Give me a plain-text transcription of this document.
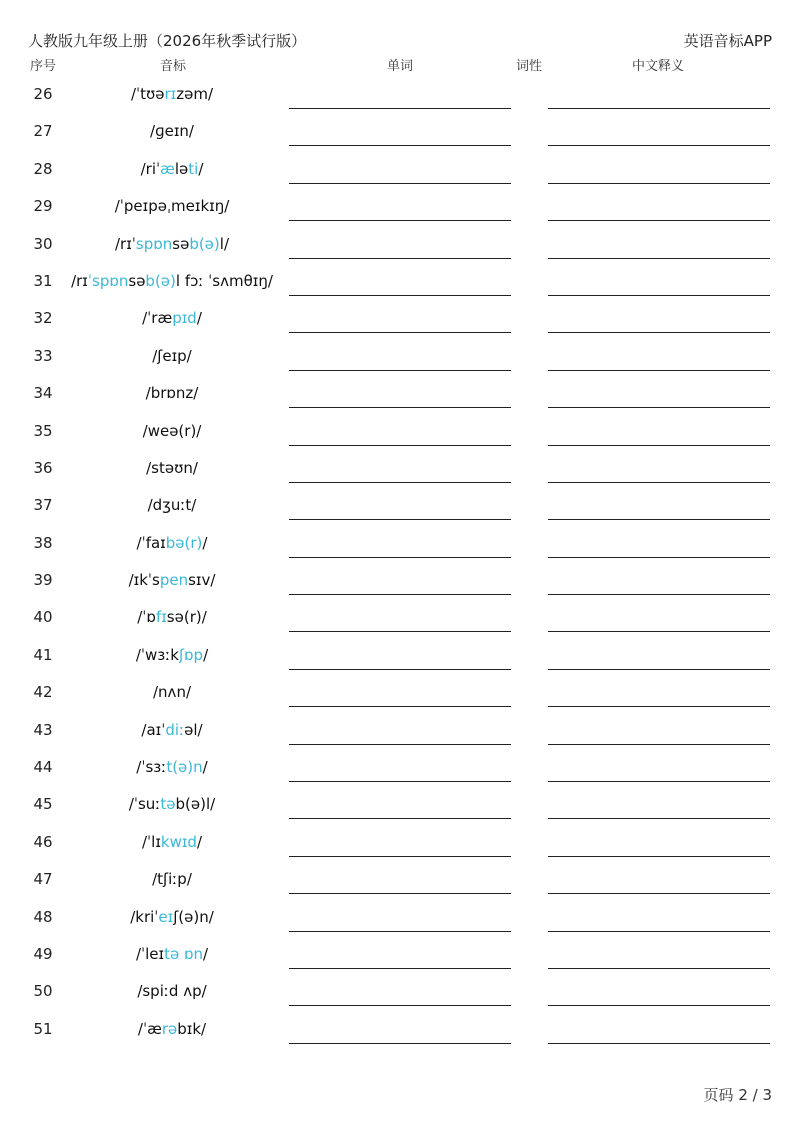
人教版九年级上册（2026年秋季试行版）	英语音标APP
序号	音标	单词	词性	中文释义
26	/ˈtʊərɪzəm/
27	/ɡeɪn/
28	/riˈæləti/
29	/ˈpeɪpəˌmeɪkɪŋ/
30	/rɪˈspɒnsəb(ə)l/
31	/rɪˈspɒnsəb(ə)l fɔː ˈsʌmθɪŋ/
32	/ˈræpɪd/
33	/ʃeɪp/
34	/brɒnz/
35	/weə(r)/
36	/stəʊn/
37	/dʒuːt/
38	/ˈfaɪbə(r)/
39	/ɪkˈspensɪv/
40	/ˈɒfɪsə(r)/
41	/ˈwɜːkʃɒp/
42	/nʌn/
43	/aɪˈdiːəl/
44	/ˈsɜːt(ə)n/
45	/ˈsuːtəb(ə)l/
46	/ˈlɪkwɪd/
47	/tʃiːp/
48	/kriˈeɪʃ(ə)n/
49	/ˈleɪtə ɒn/
50	/spiːd ʌp/
51	/ˈærəbɪk/
页码 2 / 3
